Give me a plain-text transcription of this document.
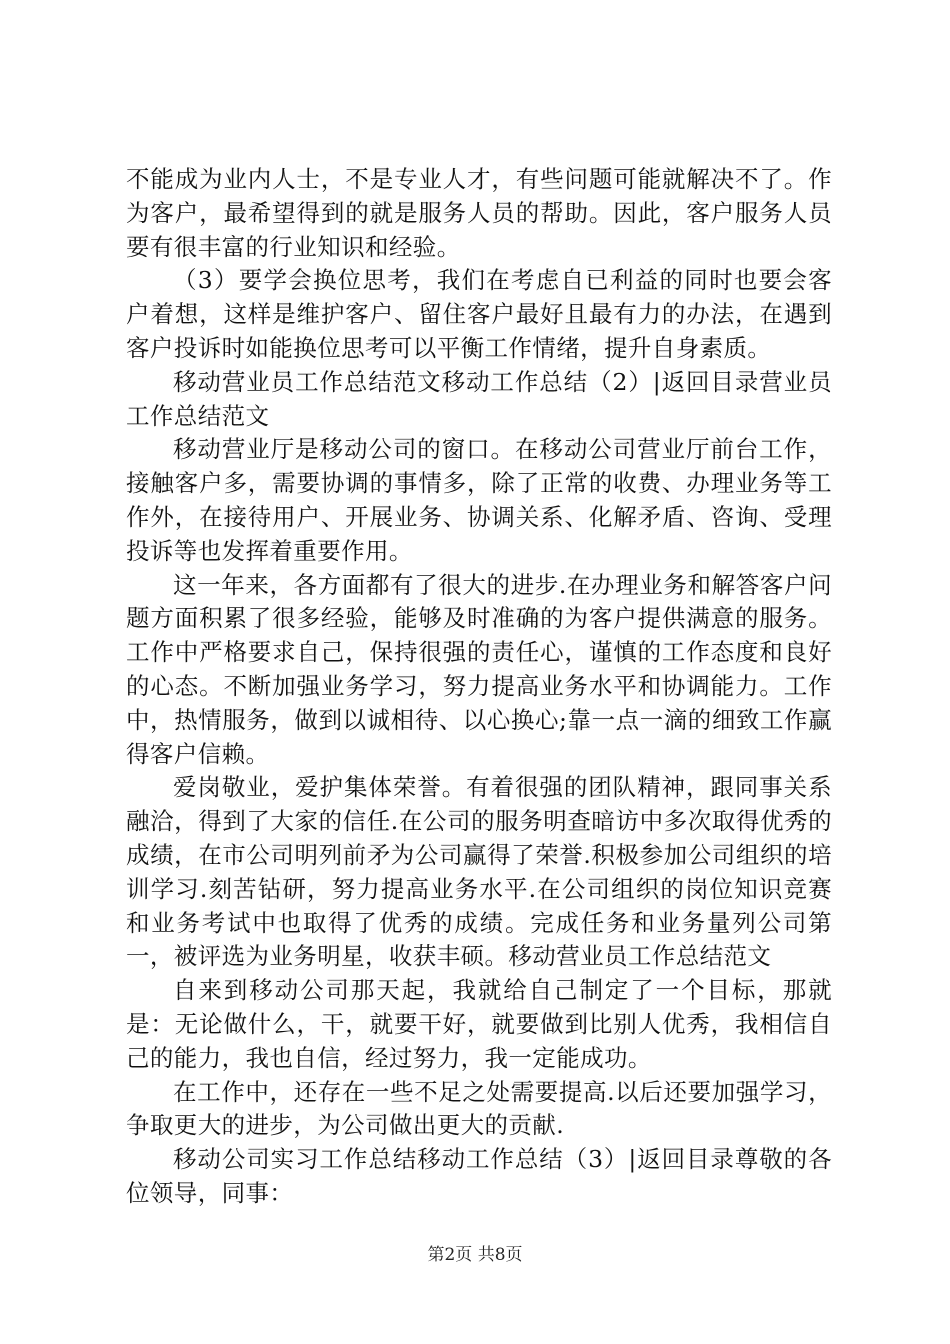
不能成为业内人士，不是专业人才，有些问题可能就解决不了。作为客户，最希望得到的就是服务人员的帮助。因此，客户服务人员要有很丰富的行业知识和经验。

（3）要学会换位思考，我们在考虑自已利益的同时也要会客户着想，这样是维护客户、留住客户最好且最有力的办法，在遇到客户投诉时如能换位思考可以平衡工作情绪，提升自身素质。

移动营业员工作总结范文移动工作总结（2）|返回目录营业员工作总结范文

移动营业厅是移动公司的窗口。在移动公司营业厅前台工作，接触客户多，需要协调的事情多，除了正常的收费、办理业务等工作外，在接待用户、开展业务、协调关系、化解矛盾、咨询、受理投诉等也发挥着重要作用。

这一年来，各方面都有了很大的进步.在办理业务和解答客户问题方面积累了很多经验，能够及时准确的为客户提供满意的服务。工作中严格要求自己，保持很强的责任心，谨慎的工作态度和良好的心态。不断加强业务学习，努力提高业务水平和协调能力。工作中，热情服务，做到以诚相待、以心换心;靠一点一滴的细致工作赢得客户信赖。

爱岗敬业，爱护集体荣誉。有着很强的团队精神，跟同事关系融洽，得到了大家的信任.在公司的服务明查暗访中多次取得优秀的成绩，在市公司明列前矛为公司赢得了荣誉.积极参加公司组织的培训学习.刻苦钻研，努力提高业务水平.在公司组织的岗位知识竞赛和业务考试中也取得了优秀的成绩。完成任务和业务量列公司第一，被评选为业务明星，收获丰硕。移动营业员工作总结范文

自来到移动公司那天起，我就给自己制定了一个目标，那就是：无论做什么，干，就要干好，就要做到比别人优秀，我相信自己的能力，我也自信，经过努力，我一定能成功。

在工作中，还存在一些不足之处需要提高.以后还要加强学习，争取更大的进步，为公司做出更大的贡献.

移动公司实习工作总结移动工作总结（3）|返回目录尊敬的各位领导，同事：

第2页 共8页
